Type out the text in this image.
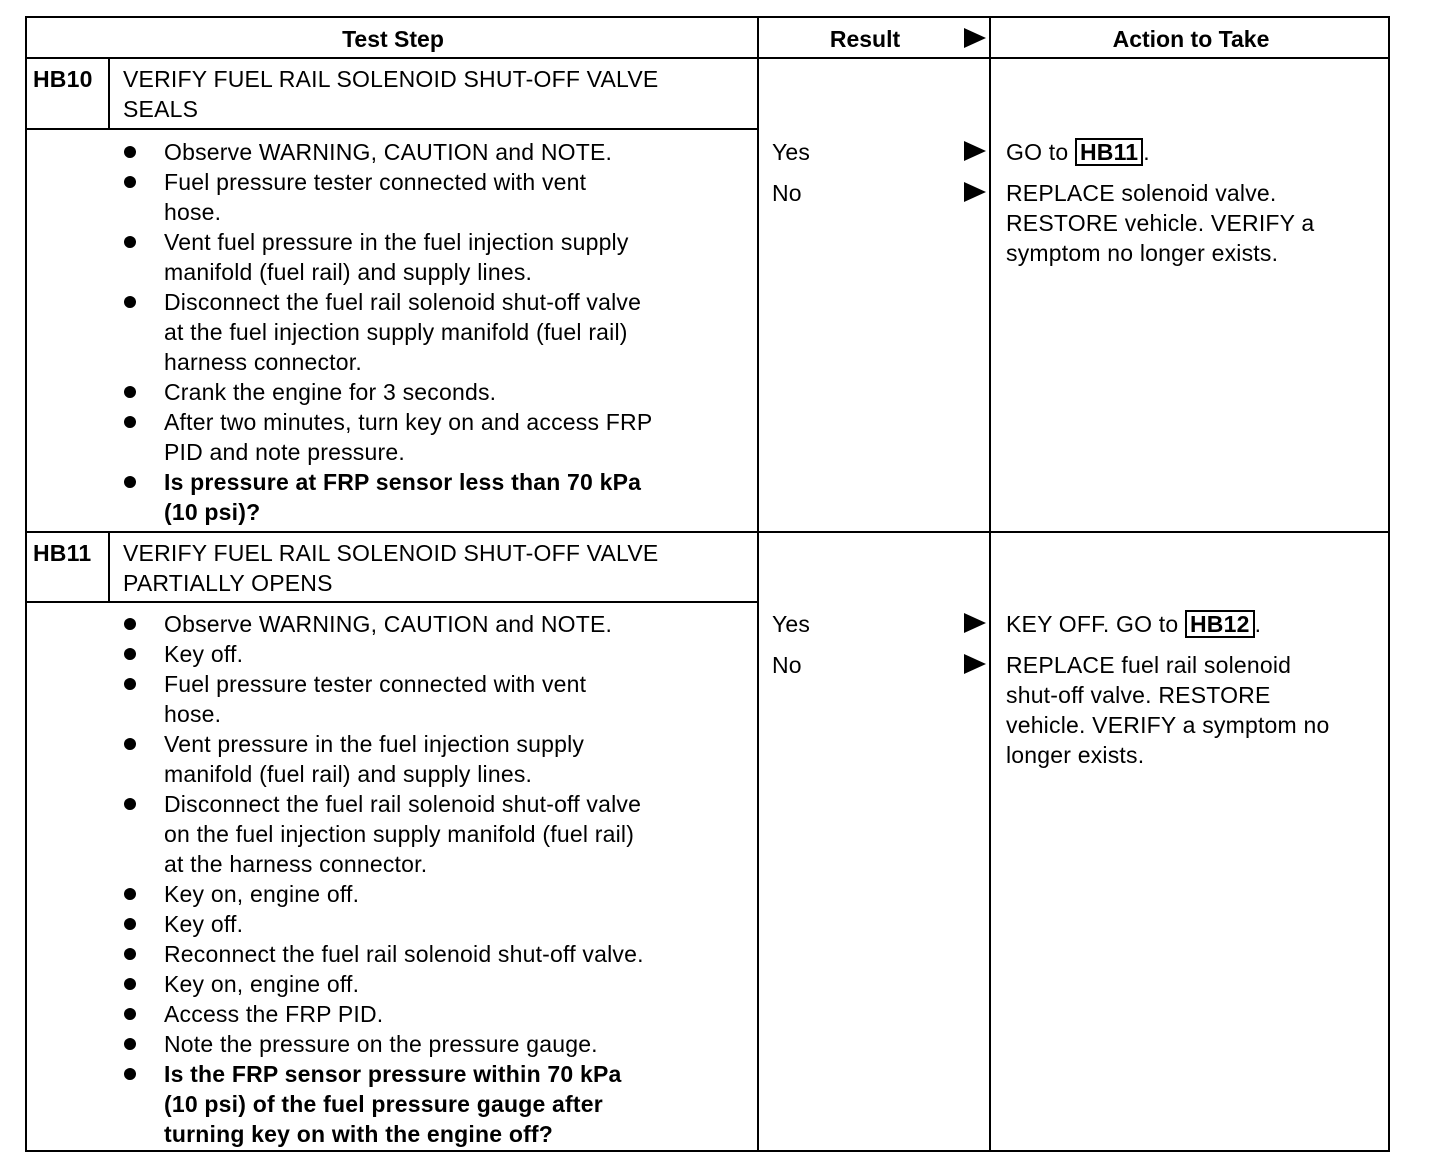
Test Step	Result	Action to Take
HB10 VERIFY FUEL RAIL SOLENOID SHUT-OFF VALVE
SEALS
Observe WARNING, CAUTION and NOTE.
Fuel pressure tester connected with vent
hose.
Vent fuel pressure in the fuel injection supply
manifold (fuel rail) and supply lines.
Disconnect the fuel rail solenoid shut-off valve
at the fuel injection supply manifold (fuel rail)
harness connector.
Crank the engine for 3 seconds.
After two minutes, turn key on and access FRP
PID and note pressure.
Is pressure at FRP sensor less than 70 kPa
(10 psi)?
Yes	GO to HB11 .
No	REPLACE solenoid valve.
RESTORE vehicle. VERIFY a
symptom no longer exists.
HB11 VERIFY FUEL RAIL SOLENOID SHUT-OFF VALVE
PARTIALLY OPENS
Observe WARNING, CAUTION and NOTE.
Key off.
Fuel pressure tester connected with vent
hose.
Vent pressure in the fuel injection supply
manifold (fuel rail) and supply lines.
Disconnect the fuel rail solenoid shut-off valve
on the fuel injection supply manifold (fuel rail)
at the harness connector.
Key on, engine off.
Key off.
Reconnect the fuel rail solenoid shut-off valve.
Key on, engine off.
Access the FRP PID.
Note the pressure on the pressure gauge.
Is the FRP sensor pressure within 70 kPa
(10 psi) of the fuel pressure gauge after
turning key on with the engine off?
Yes	KEY OFF. GO to HB12 .
No	REPLACE fuel rail solenoid
shut-off valve. RESTORE
vehicle. VERIFY a symptom no
longer exists.
